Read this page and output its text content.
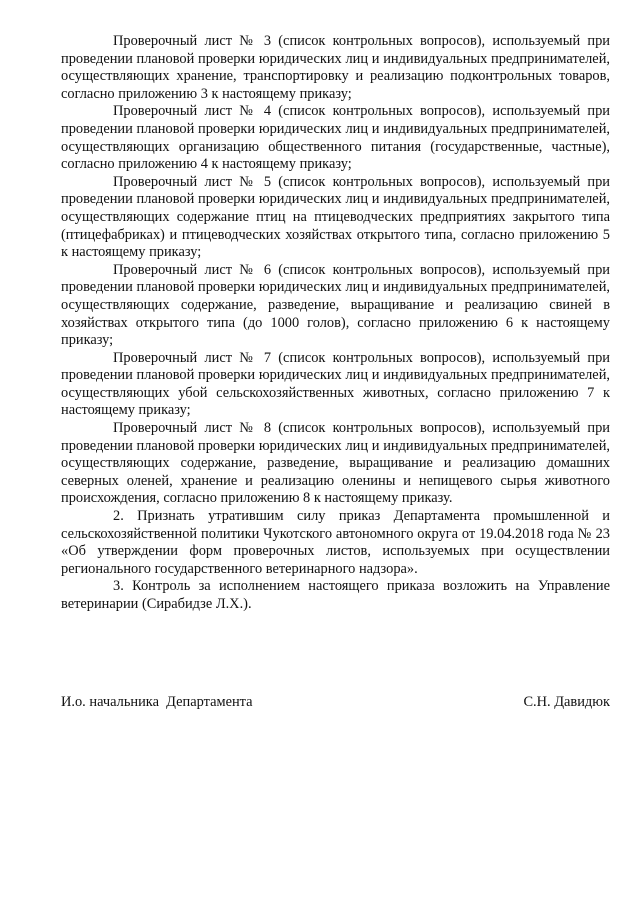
Проверочный лист № 3 (список контрольных вопросов), используемый при проведении плановой проверки юридических лиц и индивидуальных предпринимателей, осуществляющих хранение, транспортировку и реализацию подконтрольных товаров, согласно приложению 3 к настоящему приказу;

Проверочный лист № 4 (список контрольных вопросов), используемый при проведении плановой проверки юридических лиц и индивидуальных предпринимателей, осуществляющих организацию общественного питания (государственные, частные), согласно приложению 4 к настоящему приказу;

Проверочный лист № 5 (список контрольных вопросов), используемый при проведении плановой проверки юридических лиц и индивидуальных предпринимателей, осуществляющих содержание птиц на птицеводческих предприятиях закрытого типа (птицефабриках) и птицеводческих хозяйствах открытого типа, согласно приложению 5 к настоящему приказу;

Проверочный лист № 6 (список контрольных вопросов), используемый при проведении плановой проверки юридических лиц и индивидуальных предпринимателей, осуществляющих содержание, разведение, выращивание и реализацию свиней в хозяйствах открытого типа (до 1000 голов), согласно приложению 6 к настоящему приказу;

Проверочный лист № 7 (список контрольных вопросов), используемый при проведении плановой проверки юридических лиц и индивидуальных предпринимателей, осуществляющих убой сельскохозяйственных животных, согласно приложению 7 к настоящему приказу;

Проверочный лист № 8 (список контрольных вопросов), используемый при проведении плановой проверки юридических лиц и индивидуальных предпринимателей, осуществляющих содержание, разведение, выращивание и реализацию домашних северных оленей, хранение и реализацию оленины и непищевого сырья животного происхождения, согласно приложению 8 к настоящему приказу.

2. Признать утратившим силу приказ Департамента промышленной и сельскохозяйственной политики Чукотского автономного округа от 19.04.2018 года № 23 «Об утверждении форм проверочных листов, используемых при осуществлении регионального государственного ветеринарного надзора».

3. Контроль за исполнением настоящего приказа возложить на Управление ветеринарии (Сирабидзе Л.Х.).

И.о. начальника  Департамента	С.Н. Давидюк
